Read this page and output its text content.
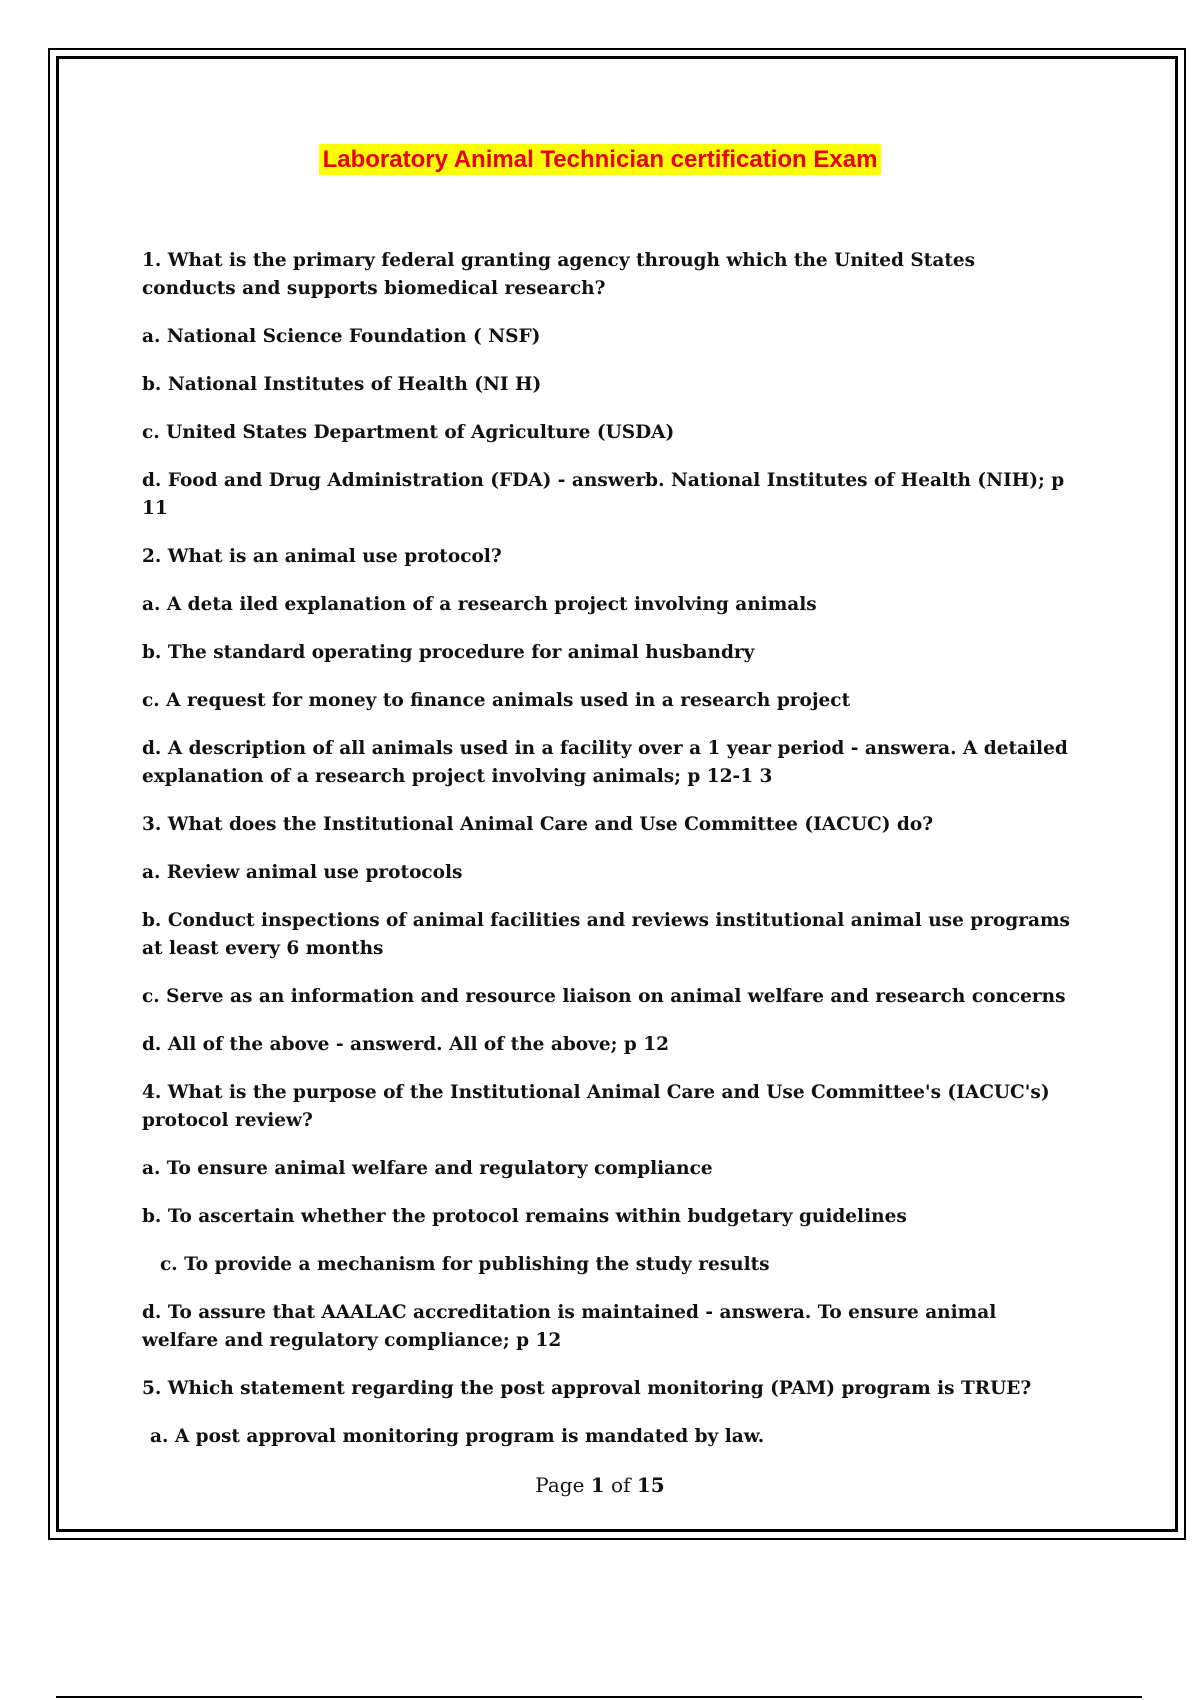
Laboratory Animal Technician certification Exam

1. What is the primary federal granting agency through which the United States conducts and supports biomedical research?

a. National Science Foundation ( NSF)

b. National Institutes of Health (NI H)

c. United States Department of Agriculture (USDA)

d. Food and Drug Administration (FDA) - answerb. National Institutes of Health (NIH); p 11

2. What is an animal use protocol?

a. A deta iled explanation of a research project involving animals

b. The standard operating procedure for animal husbandry

c. A request for money to finance animals used in a research project

d. A description of all animals used in a facility over a 1 year period - answera. A detailed explanation of a research project involving animals; p 12-1 3

3. What does the Institutional Animal Care and Use Committee (IACUC) do?

a. Review animal use protocols

b. Conduct inspections of animal facilities and reviews institutional animal use programs at least every 6 months

c. Serve as an information and resource liaison on animal welfare and research concerns

d. All of the above - answerd. All of the above; p 12

4. What is the purpose of the Institutional Animal Care and Use Committee's (IACUC's) protocol review?

a. To ensure animal welfare and regulatory compliance

b. To ascertain whether the protocol remains within budgetary guidelines

c. To provide a mechanism for publishing the study results

d. To assure that AAALAC accreditation is maintained - answera. To ensure animal welfare and regulatory compliance; p 12

5. Which statement regarding the post approval monitoring (PAM) program is TRUE?

a. A post approval monitoring program is mandated by law.

Page 1 of 15
